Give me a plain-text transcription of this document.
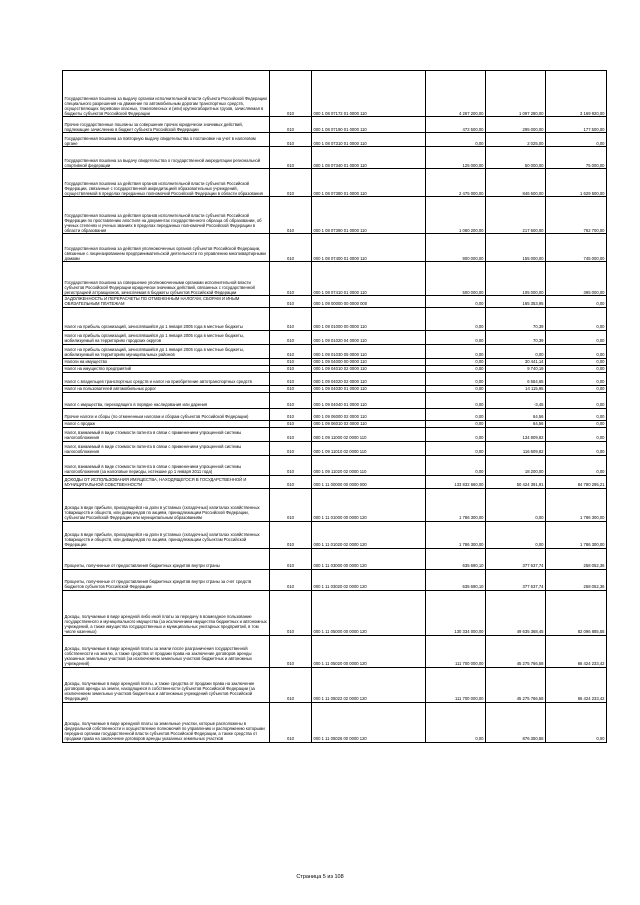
Государственная пошлина за выдачу органом исполнительной власти субъекта Российской Федерации специального разрешения на движение по автомобильным дорогам транспортных средств, осуществляющих перевозки опасных, тяжеловесных и (или) крупногабаритных грузов, зачисляемая в бюджеты субъектов Российской Федерации	010	000 1 08 07172 01 0000 110	4 267 200,00	1 097 280,00	3 169 920,00
Прочие государственные пошлины за совершение прочих юридически значимых действий, подлежащие зачислению в бюджет субъекта Российской Федерации	010	000 1 08 07190 01 0000 110	472 500,00	295 000,00	177 500,00
Государственная пошлина за повторную выдачу свидетельства о постановке на учет в налоговом органе	010	000 1 08 07310 01 0000 110	0,00	2 025,00	0,00
Государственная пошлина за выдачу свидетельства о государственной аккредитации региональной спортивной федерации	010	000 1 08 07340 01 0000 110	125 000,00	50 000,00	75 000,00
Государственная пошлина за действия органов исполнительной власти субъектов Российской Федерации, связанные с государственной аккредитацией образовательных учреждений, осуществляемой в пределах переданных полномочий Российской Федерации в области образования	010	000 1 08 07380 01 0000 110	2 475 000,00	846 500,00	1 629 500,00
Государственная пошлина за действия органов исполнительной власти субъектов Российской Федерации по проставлению апостиля на документах государственного образца об образовании, об ученых степенях и ученых званиях в пределах переданных полномочий Российской Федерации в области образования	010	000 1 08 07390 01 0000 110	1 080 200,00	217 500,00	762 700,00
Государственная пошлина за действия уполномоченных органов субъектов Российской Федерации, связанные с лицензированием предпринимательской деятельности по управлению многоквартирными домами	010	000 1 08 07400 01 0000 110	900 000,00	155 000,00	745 000,00
Государственная пошлина за совершение уполномоченными органами исполнительной власти субъектов Российской Федерации юридически значимых действий, связанных с государственной регистрацией аттракционов, зачисляемая в бюджеты субъектов Российской Федерации	010	000 1 08 07410 01 0000 110	500 000,00	105 000,00	395 000,00
ЗАДОЛЖЕННОСТЬ И ПЕРЕРАСЧЕТЫ ПО ОТМЕНЕННЫМ НАЛОГАМ, СБОРАМ И ИНЫМ ОБЯЗАТЕЛЬНЫМ ПЛАТЕЖАМ	010	000 1 09 00000 00 0000 000	0,00	165 353,95	0,00
Налог на прибыль организаций, зачислявшийся до 1 января 2005 года в местные бюджеты	010	000 1 09 01000 00 0000 110	0,00	70,39	0,00
Налог на прибыль организаций, зачислявшийся до 1 января 2005 года в местные бюджеты, мобилизуемый на территориях городских округов	010	000 1 09 01020 04 0000 110	0,00	70,39	0,00
Налог на прибыль организаций, зачислявшийся до 1 января 2005 года в местные бюджеты, мобилизуемый на территориях муниципальных районов	010	000 1 09 01030 05 0000 110	0,00	0,00	0,00
Налоги на имущество	010	000 1 09 04000 00 0000 110	0,00	30 441,14	0,00
Налог на имущество предприятий	010	000 1 09 04010 02 0000 110	0,00	9 740,19	0,00
Налог с владельцев транспортных средств и налог на приобретение автотранспортных средств	010	000 1 09 04020 02 0000 110	0,00	6 584,65	0,00
Налог на пользователей автомобильных дорог	010	000 1 09 04030 01 0000 110	0,00	14 115,95	0,00
Налог с имущества, переходящего в порядке наследования или дарения	010	000 1 09 04040 01 0000 110	0,00	-3,45	0,00
Прочие налоги и сборы (по отмененным налогам и сборам субъектов Российской Федерации)	010	000 1 09 06000 02 0000 110	0,00	64,56	0,00
Налог с продаж	010	000 1 09 06010 02 0000 110	0,00	64,56	0,00
Налог, взимаемый в виде стоимости патента в связи с применением упрощенной системы налогообложения	010	000 1 09 11000 02 0000 110	0,00	134 809,82	0,00
Налог, взимаемый в виде стоимости патента в связи с применением упрощенной системы налогообложения	010	000 1 09 11010 02 0000 110	0,00	116 609,82	0,00
Налог, взимаемый в виде стоимости патента в связи с применением упрощенной системы налогообложения (за налоговые периоды, истекшие до 1 января 2011 года)	010	000 1 09 11020 02 0000 110	0,00	18 200,00	0,00
ДОХОДЫ ОТ ИСПОЛЬЗОВАНИЯ ИМУЩЕСТВА, НАХОДЯЩЕГОСЯ В ГОСУДАРСТВЕННОЙ И МУНИЦИПАЛЬНОЙ СОБСТВЕННОСТИ	010	000 1 11 00000 00 0000 000	133 832 660,00	50 424 391,91	84 780 295,21
Доходы в виде прибыли, приходящейся на доли в уставных (складочных) капиталах хозяйственных товариществ и обществ, или дивидендов по акциям, принадлежащим Российской Федерации, субъектам Российской Федерации или муниципальным образованиям	010	000 1 11 01000 00 0000 120	1 786 300,00	0,00	1 786 300,00
Доходы в виде прибыли, приходящейся на доли в уставных (складочных) капиталах хозяйственных товариществ и обществ, или дивидендов по акциям, принадлежащим субъектам Российской Федерации	010	000 1 11 01020 02 0000 120	1 786 300,00	0,00	1 786 300,00
Проценты, полученные от предоставления бюджетных кредитов внутри страны	010	000 1 11 03000 00 0000 120	635 690,10	377 637,74	258 052,36
Проценты, полученные от предоставления бюджетных кредитов внутри страны за счет средств бюджетов субъектов Российской Федерации	010	000 1 11 03020 02 0000 120	635 690,10	377 637,74	258 052,36
Доходы, получаемые в виде арендной либо иной платы за передачу в возмездное пользование государственного и муниципального имущества (за исключением имущества бюджетных и автономных учреждений, а также имущества государственных и муниципальных унитарных предприятий, в том числе казенных)	010	000 1 11 05000 00 0000 120	130 334 000,00	49 635 368,45	82 096 885,55
Доходы, получаемые в виде арендной платы за земли после разграничения государственной собственности на землю, а также средства от продажи права на заключение договоров аренды указанных земельных участков (за исключением земельных участков бюджетных и автономных учреждений)	010	000 1 11 05020 00 0000 120	111 700 000,00	45 275 766,58	66 424 233,42
Доходы, получаемые в виде арендной платы, а также средства от продажи права на заключение договоров аренды за земли, находящиеся в собственности субъектов Российской Федерации (за исключением земельных участков бюджетных и автономных учреждений субъектов Российской Федерации)	010	000 1 11 05022 02 0000 120	111 700 000,00	45 275 766,58	66 424 233,42
Доходы, получаемые в виде арендной платы за земельные участки, которые расположены в федеральной собственности и осуществление полномочий по управлению и распоряжению которыми передано органам государственной власти субъектов Российской Федерации, а также средства от продажи права на заключение договоров аренды указанных земельных участков	010	000 1 11 05026 00 0000 120	0,00	876 350,88	0,00
Страница 5 из 108
